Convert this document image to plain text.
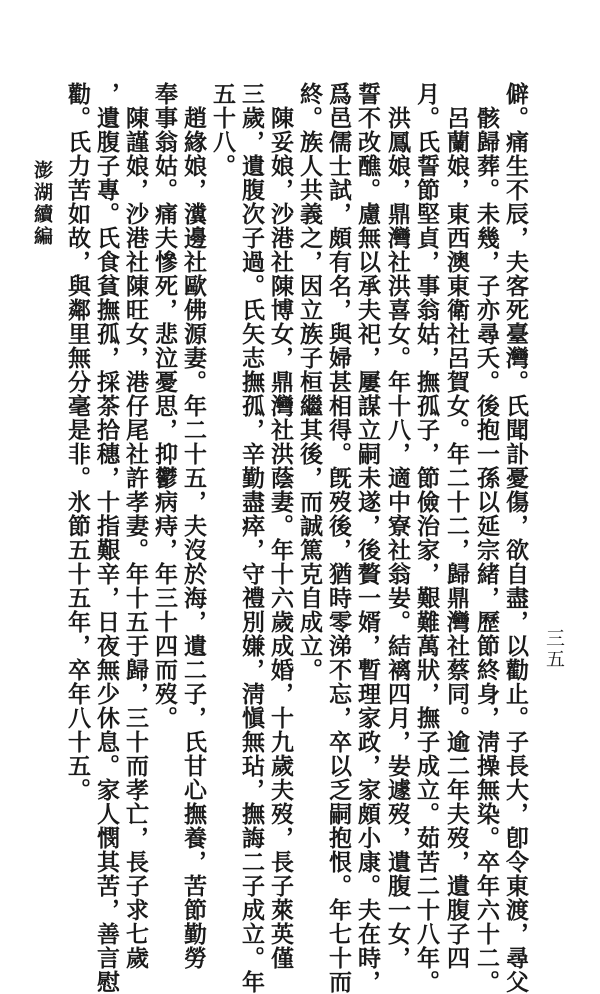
三五
僻。痛生不辰，夫客死臺灣。氏聞訃憂傷，欲自盡，以勸止。子長大，卽令東渡，尋父
骸歸葬。未幾，子亦尋夭。後抱一孫以延宗緒，歷節終身，淸操無染。卒年六十二。
呂蘭娘，東西澳東衛社呂賀女。年二十二，歸鼎灣社蔡同。逾二年夫歿，遺腹子四
月。氏誓節堅貞，事翁姑，撫孤子，節儉治家，艱難萬狀，撫子成立。茹苦二十八年。
洪鳳娘，鼎灣社洪喜女。年十八，適中寮社翁妛。結褵四月，妛遽歿，遺腹一女，
誓不改醮。慮無以承夫祀，屢謀立嗣未遂，後贅一婿，暫理家政，家頗小康。夫在時，
爲邑儒士試，頗有名，與婦甚相得。旣歿後，猶時零涕不忘，卒以乏嗣抱恨。年七十而
終。族人共義之，因立族子桓繼其後，而誠篤克自成立。
陳妥娘，沙港社陳博女，鼎灣社洪蔭妻。年十六歲成婚，十九歲夫歿，長子萊英僅
三歲，遺腹次子過。氏矢志撫孤，辛勤盡瘁，守禮別嫌，淸愼無玷，撫誨二子成立。年
五十八。
趙緣娘，瀵邊社歐佛源妻。年二十五，夫沒於海，遺二子，氏甘心撫養，苦節勤勞
奉事翁姑。痛夫慘死，悲泣憂思，抑鬱病痔，年三十四而歿。
陳謹娘，沙港社陳旺女，港仔尾社許孝妻。年十五于歸，三十而孝亡，長子求七歲
，遺腹子專。氏食貧撫孤，採茶拾穗，十指艱辛，日夜無少休息。家人憫其苦，善言慰
勸。氏力苦如故，與鄰里無分毫是非。氷節五十五年，卒年八十五。
澎湖續編
